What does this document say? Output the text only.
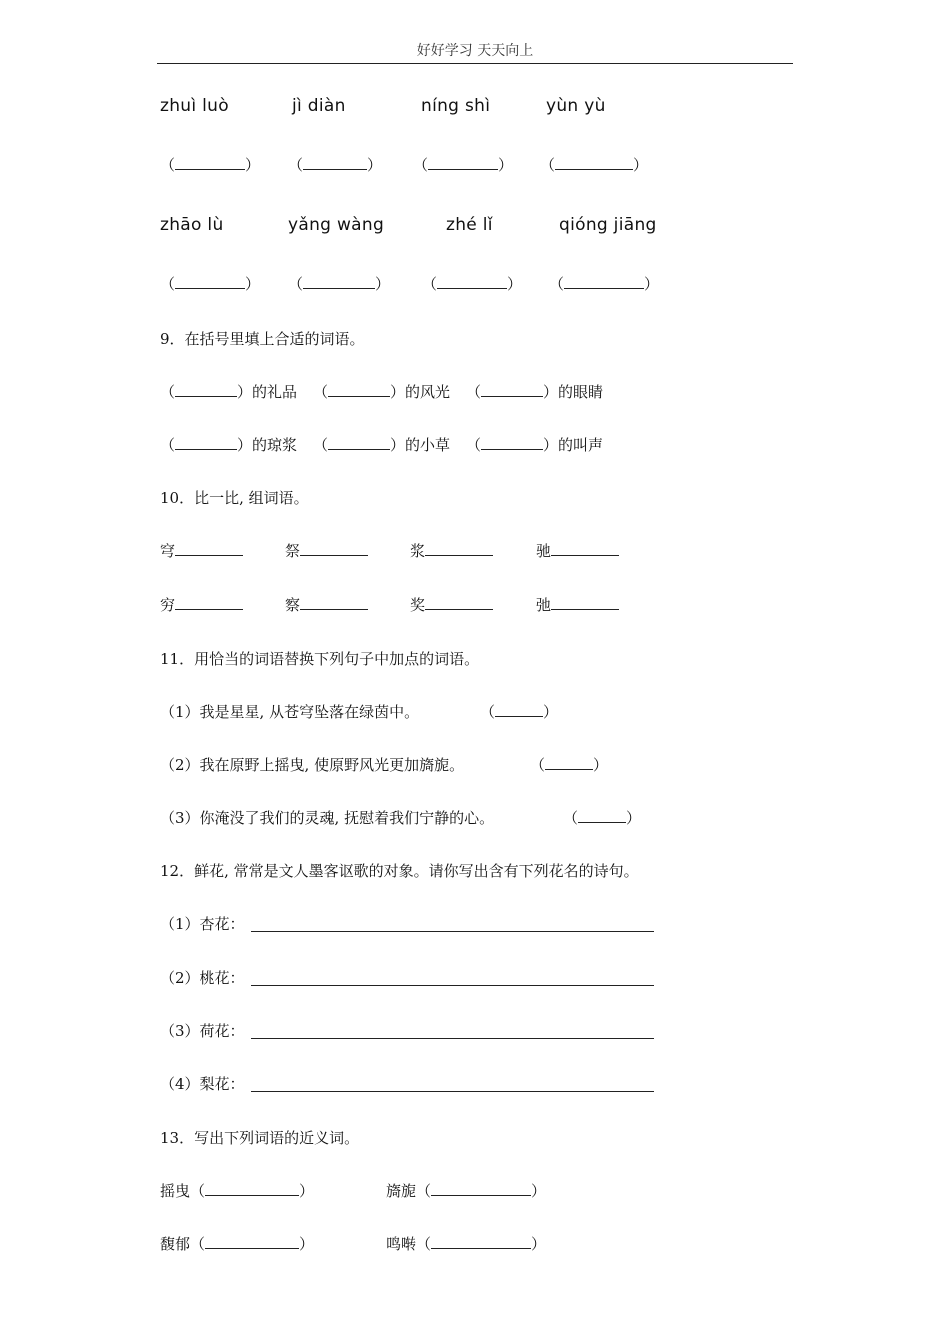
好好学习 天天向上
zhuì luò	jì diàn	níng shì	yùn yù
（	） （	） （	） （	）
zhāo lù	yǎng wàng	zhé lǐ	qióng jiāng
（	） （	） （	） （	）
9．在括号里填上合适的词语。
（	）的礼品 （	）的风光 （	）的眼睛
（	）的琼浆 （	）的小草 （	）的叫声
10．比一比, 组词语。
穹	祭	浆	驰
穷	察	奖	弛
11．用恰当的词语替换下列句子中加点的词语。
（1）我是星星, 从苍穹坠落在绿茵中。	（	）
（2）我在原野上摇曳, 使原野风光更加旖旎。	（	）
（3）你淹没了我们的灵魂, 抚慰着我们宁静的心。	（	）
12．鲜花, 常常是文人墨客讴歌的对象。请你写出含有下列花名的诗句。
（1）杏花：
（2）桃花：
（3）荷花：
（4）梨花：
13．写出下列词语的近义词。
摇曳（	）	旖旎（	）
馥郁（	）	鸣啭（	）
